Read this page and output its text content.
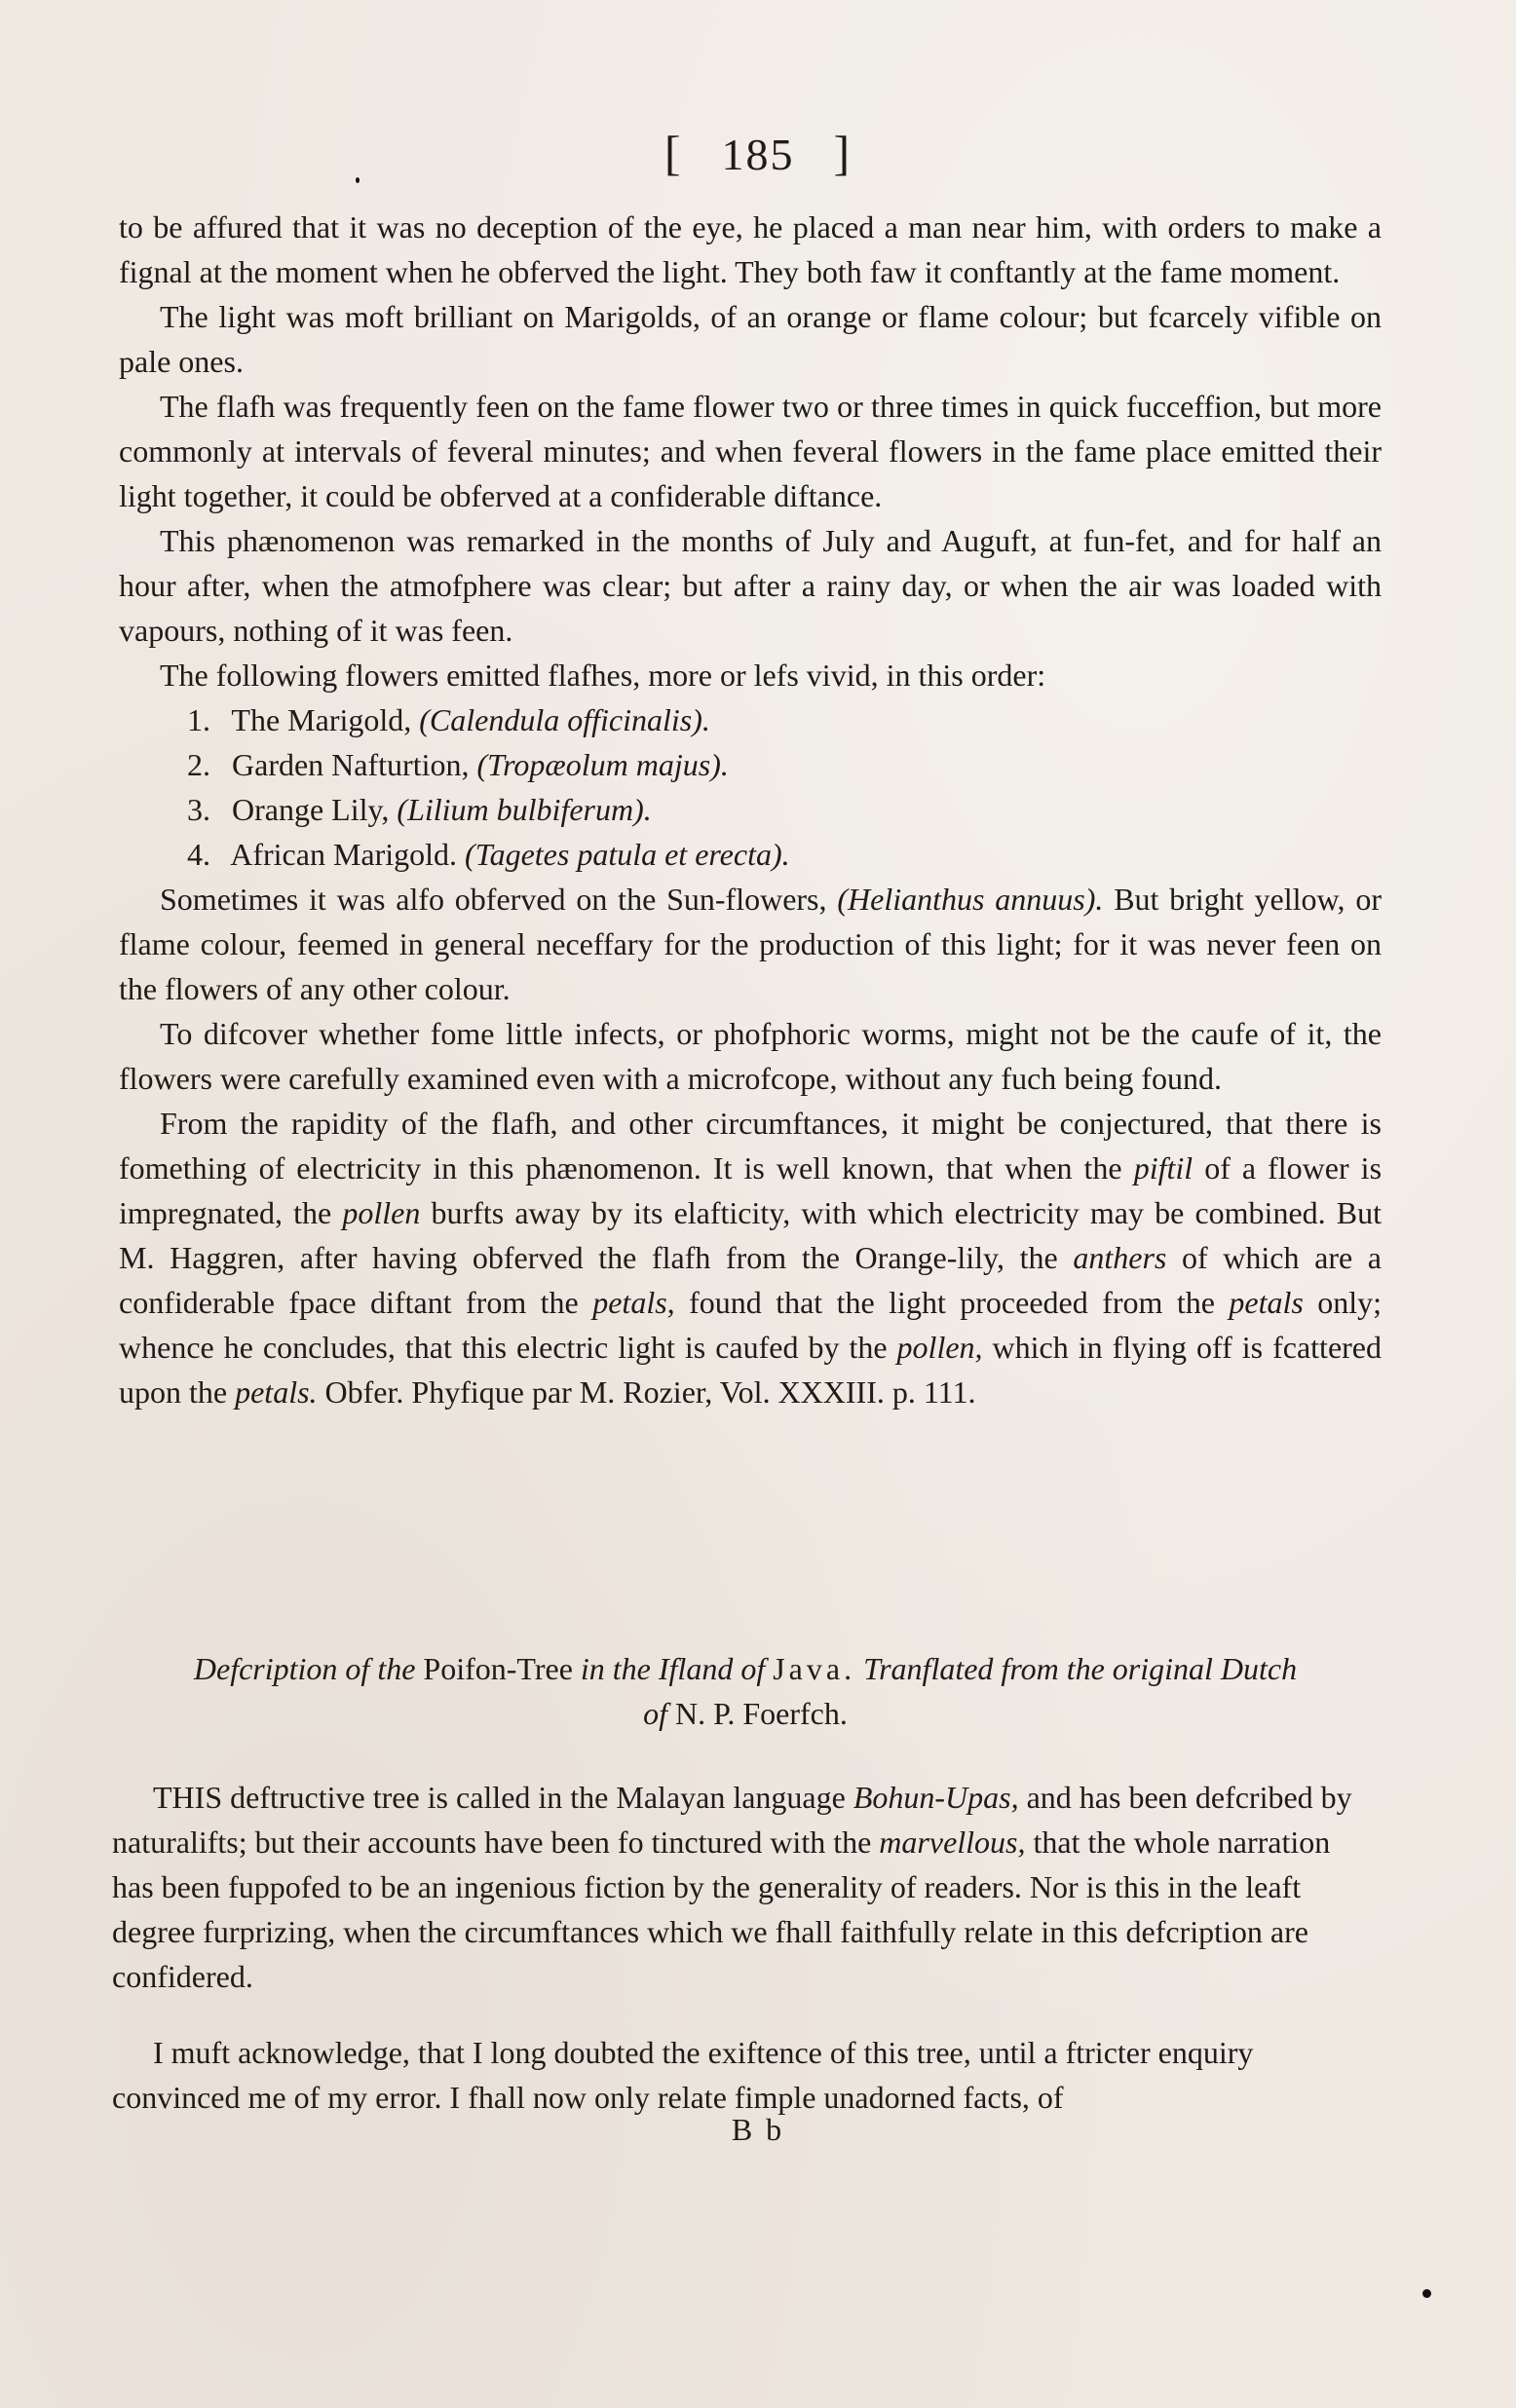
[ 185 ]

to be affured that it was no deception of the eye, he placed a man near him, with orders to make a fignal at the moment when he obferved the light. They both faw it conftantly at the fame moment.

The light was moft brilliant on Marigolds, of an orange or flame colour; but fcarcely vifible on pale ones.

The flafh was frequently feen on the fame flower two or three times in quick fucceffion, but more commonly at intervals of feveral minutes; and when feveral flowers in the fame place emitted their light together, it could be obferved at a confiderable diftance.

This phænomenon was remarked in the months of July and Auguft, at fun-fet, and for half an hour after, when the atmofphere was clear; but after a rainy day, or when the air was loaded with vapours, nothing of it was feen.

The following flowers emitted flafhes, more or lefs vivid, in this order:

1. The Marigold, (Calendula officinalis).

2. Garden Nafturtion, (Tropæolum majus).

3. Orange Lily, (Lilium bulbiferum).

4. African Marigold. (Tagetes patula et erecta).

Sometimes it was alfo obferved on the Sun-flowers, (Helianthus annuus). But bright yellow, or flame colour, feemed in general neceffary for the production of this light; for it was never feen on the flowers of any other colour.

To difcover whether fome little infects, or phofphoric worms, might not be the caufe of it, the flowers were carefully examined even with a microfcope, without any fuch being found.

From the rapidity of the flafh, and other circumftances, it might be conjectured, that there is fomething of electricity in this phænomenon. It is well known, that when the piftil of a flower is impregnated, the pollen burfts away by its elafticity, with which electricity may be combined. But M. Haggren, after having obferved the flafh from the Orange-lily, the anthers of which are a confiderable fpace diftant from the petals, found that the light proceeded from the petals only; whence he concludes, that this electric light is caufed by the pollen, which in flying off is fcattered upon the petals. Obfer. Phyfique par M. Rozier, Vol. XXXIII. p. 111.

Defcription of the Poifon-Tree in the Ifland of Java. Tranflated from the original Dutch

of N. P. Foerfch.

THIS deftructive tree is called in the Malayan language Bohun-Upas, and has been defcribed by naturalifts; but their accounts have been fo tinctured with the marvellous, that the whole narration has been fuppofed to be an ingenious fiction by the generality of readers. Nor is this in the leaft degree furprizing, when the circumftances which we fhall faithfully relate in this defcription are confidered.

I muft acknowledge, that I long doubted the exiftence of this tree, until a ftricter enquiry convinced me of my error. I fhall now only relate fimple unadorned facts, of

B b
